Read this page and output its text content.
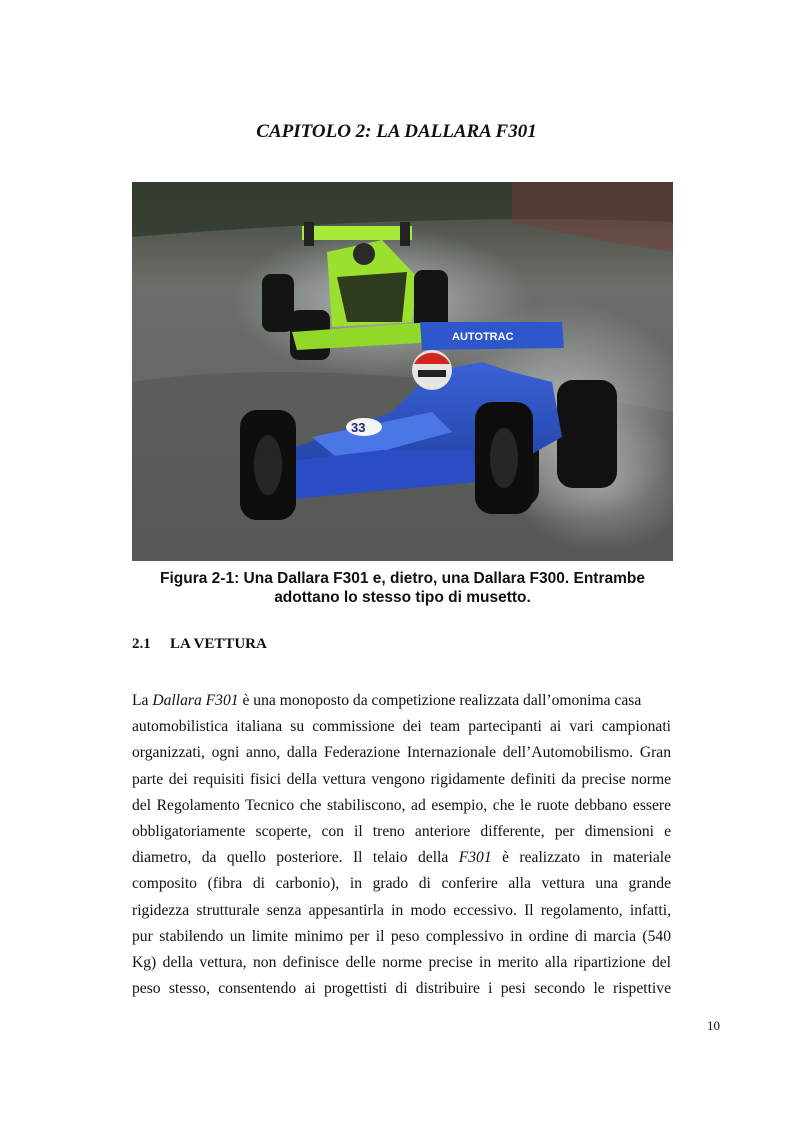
CAPITOLO 2: LA DALLARA F301
AUTOTRAC
33

Figura 2-1: Una Dallara F301 e, dietro, una Dallara F300. Entrambe
adottano lo stesso tipo di musetto.

2.1 LA VETTURA
La Dallara F301 è una monoposto da competizione realizzata dall’omonima casa
automobilistica italiana su commissione dei team partecipanti ai vari campionati
organizzati, ogni anno, dalla Federazione Internazionale dell’Automobilismo. Gran
parte dei requisiti fisici della vettura vengono rigidamente definiti da precise norme
del Regolamento Tecnico che stabiliscono, ad esempio, che le ruote debbano essere
obbligatoriamente scoperte, con il treno anteriore differente, per dimensioni e
diametro, da quello posteriore. Il telaio della F301 è realizzato in materiale
composito (fibra di carbonio), in grado di conferire alla vettura una grande
rigidezza strutturale senza appesantirla in modo eccessivo. Il regolamento, infatti,
pur stabilendo un limite minimo per il peso complessivo in ordine di marcia (540
Kg) della vettura, non definisce delle norme precise in merito alla ripartizione del
peso stesso, consentendo ai progettisti di distribuire i pesi secondo le rispettive
10
